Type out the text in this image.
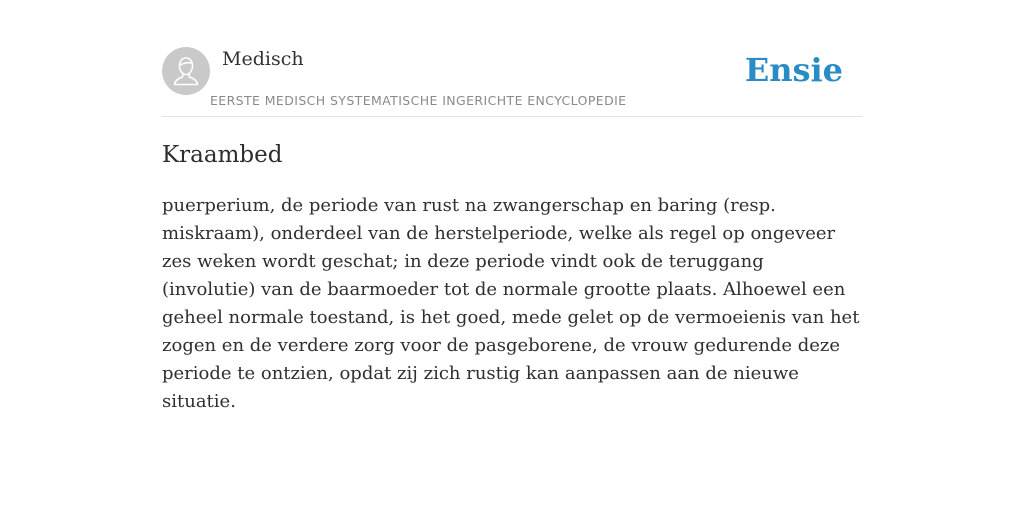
Medisch
EERSTE MEDISCH SYSTEMATISCHE INGERICHTE ENCYCLOPEDIE
Ensie
Kraambed

puerperium, de periode van rust na zwangerschap en baring (resp. miskraam), onderdeel van de herstelperiode, welke als regel op ongeveer zes weken wordt geschat; in deze periode vindt ook de teruggang (involutie) van de baarmoeder tot de normale grootte plaats. Alhoewel een geheel normale toestand, is het goed, mede gelet op de vermoeienis van het zogen en de verdere zorg voor de pasgeborene, de vrouw gedurende deze periode te ontzien, opdat zij zich rustig kan aanpassen aan de nieuwe situatie.
